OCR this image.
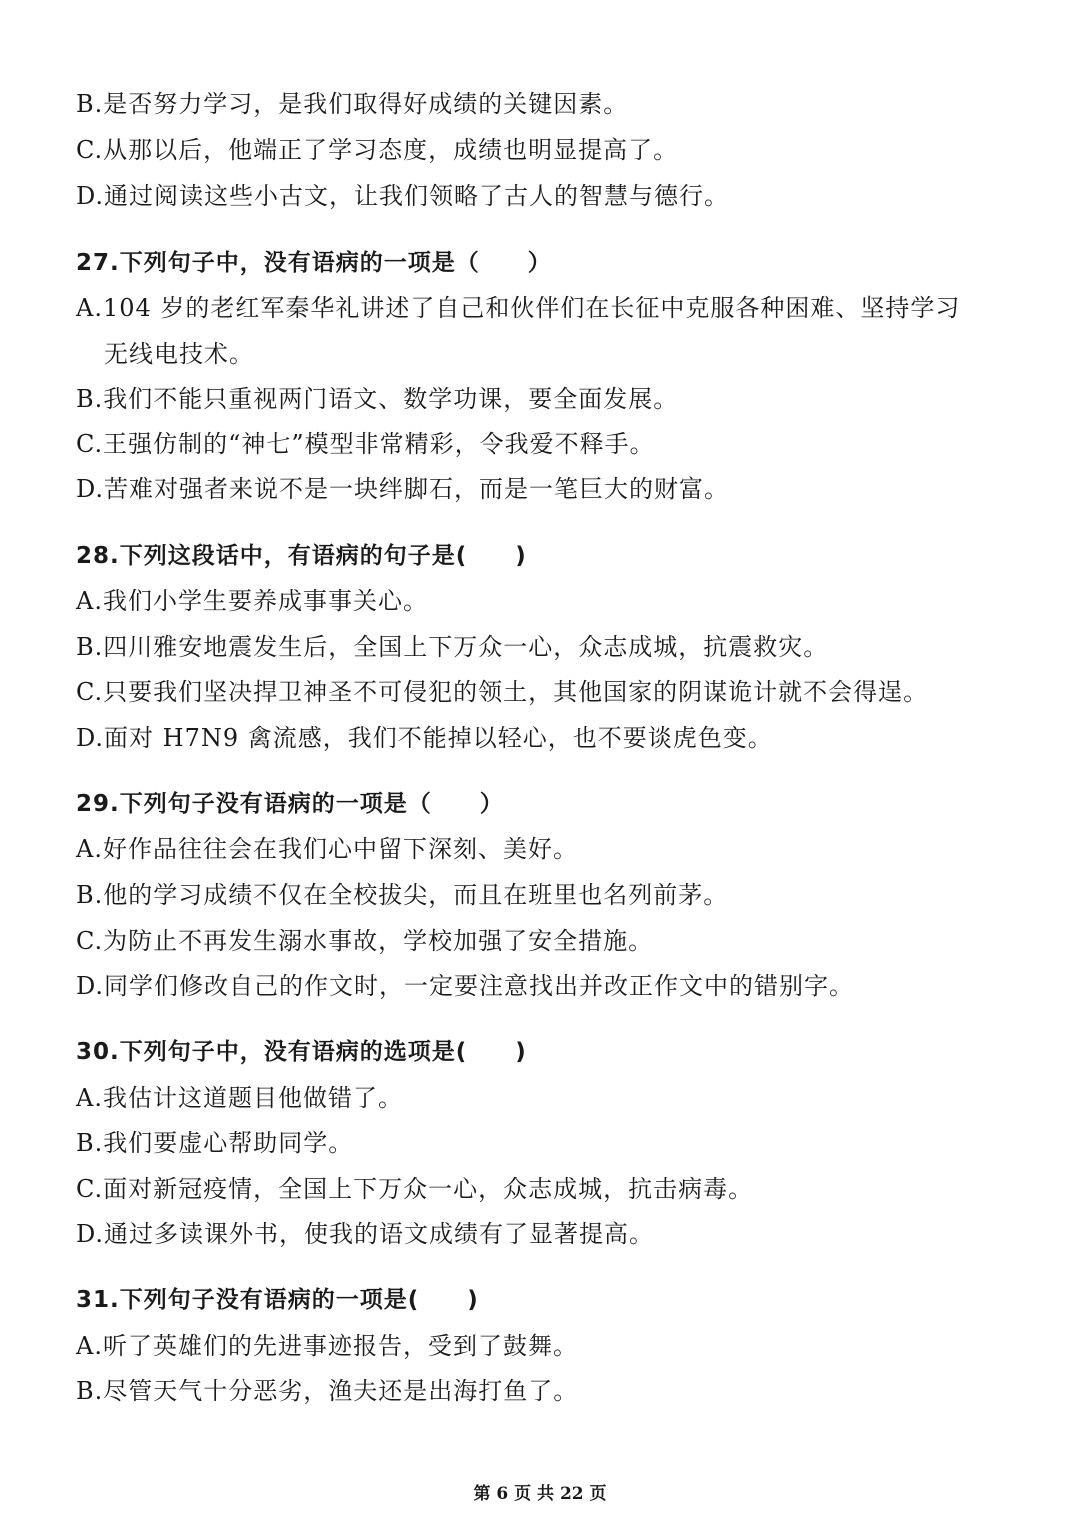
B.是否努力学习，是我们取得好成绩的关键因素。
C.从那以后，他端正了学习态度，成绩也明显提高了。
D.通过阅读这些小古文，让我们领略了古人的智慧与德行。
27.下列句子中，没有语病的一项是（　　）
A.104 岁的老红军秦华礼讲述了自己和伙伴们在长征中克服各种困难、坚持学习
无线电技术。
B.我们不能只重视两门语文、数学功课，要全面发展。
C.王强仿制的“神七”模型非常精彩，令我爱不释手。
D.苦难对强者来说不是一块绊脚石，而是一笔巨大的财富。
28.下列这段话中，有语病的句子是(　　)
A.我们小学生要养成事事关心。
B.四川雅安地震发生后，全国上下万众一心，众志成城，抗震救灾。
C.只要我们坚决捍卫神圣不可侵犯的领土，其他国家的阴谋诡计就不会得逞。
D.面对 H7N9 禽流感，我们不能掉以轻心，也不要谈虎色变。
29.下列句子没有语病的一项是（　　）
A.好作品往往会在我们心中留下深刻、美好。
B.他的学习成绩不仅在全校拔尖，而且在班里也名列前茅。
C.为防止不再发生溺水事故，学校加强了安全措施。
D.同学们修改自己的作文时，一定要注意找出并改正作文中的错别字。
30.下列句子中，没有语病的选项是(　　)
A.我估计这道题目他做错了。
B.我们要虚心帮助同学。
C.面对新冠疫情，全国上下万众一心，众志成城，抗击病毒。
D.通过多读课外书，使我的语文成绩有了显著提高。
31.下列句子没有语病的一项是(　　)
A.听了英雄们的先进事迹报告，受到了鼓舞。
B.尽管天气十分恶劣，渔夫还是出海打鱼了。
第 6 页 共 22 页
